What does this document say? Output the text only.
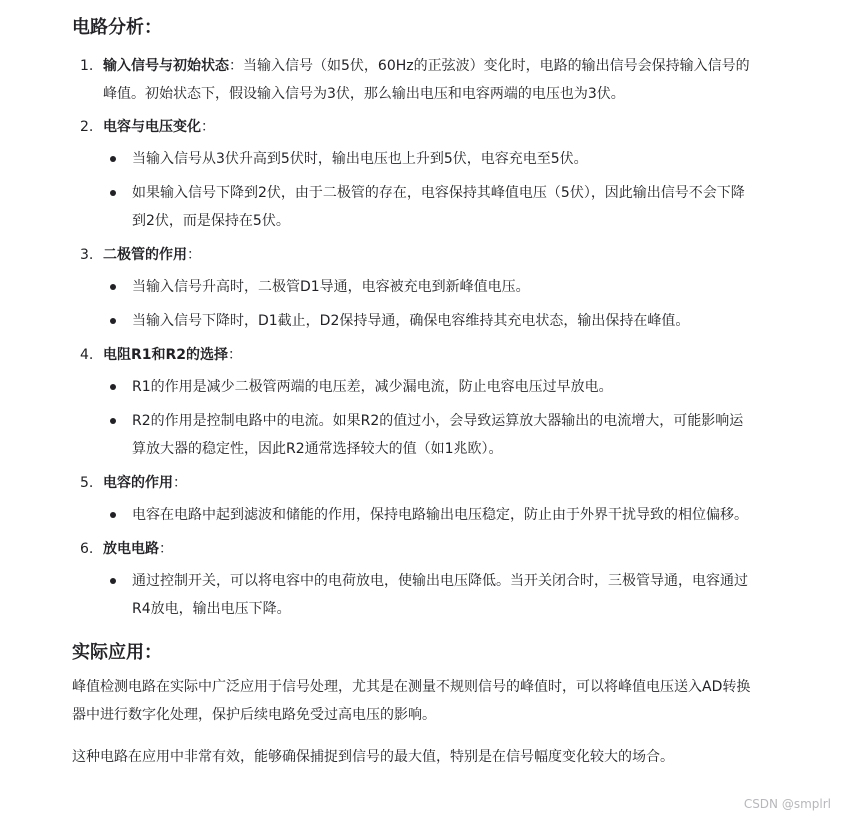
电路分析：
1. 输入信号与初始状态：当输入信号（如5伏，60Hz的正弦波）变化时，电路的输出信号会保持输入信号的峰值。初始状态下，假设输入信号为3伏，那么输出电压和电容两端的电压也为3伏。
2. 电容与电压变化：
当输入信号从3伏升高到5伏时，输出电压也上升到5伏，电容充电至5伏。
如果输入信号下降到2伏，由于二极管的存在，电容保持其峰值电压（5伏），因此输出信号不会下降到2伏，而是保持在5伏。
3. 二极管的作用：
当输入信号升高时，二极管D1导通，电容被充电到新峰值电压。
当输入信号下降时，D1截止，D2保持导通，确保电容维持其充电状态，输出保持在峰值。
4. 电阻R1和R2的选择：
R1的作用是减少二极管两端的电压差，减少漏电流，防止电容电压过早放电。
R2的作用是控制电路中的电流。如果R2的值过小，会导致运算放大器输出的电流增大，可能影响运算放大器的稳定性，因此R2通常选择较大的值（如1兆欧）。
5. 电容的作用：
电容在电路中起到滤波和储能的作用，保持电路输出电压稳定，防止由于外界干扰导致的相位偏移。
6. 放电电路：
通过控制开关，可以将电容中的电荷放电，使输出电压降低。当开关闭合时，三极管导通，电容通过R4放电，输出电压下降。
实际应用：

峰值检测电路在实际中广泛应用于信号处理，尤其是在测量不规则信号的峰值时，可以将峰值电压送入AD转换器中进行数字化处理，保护后续电路免受过高电压的影响。

这种电路在应用中非常有效，能够确保捕捉到信号的最大值，特别是在信号幅度变化较大的场合。

CSDN @smplrl
